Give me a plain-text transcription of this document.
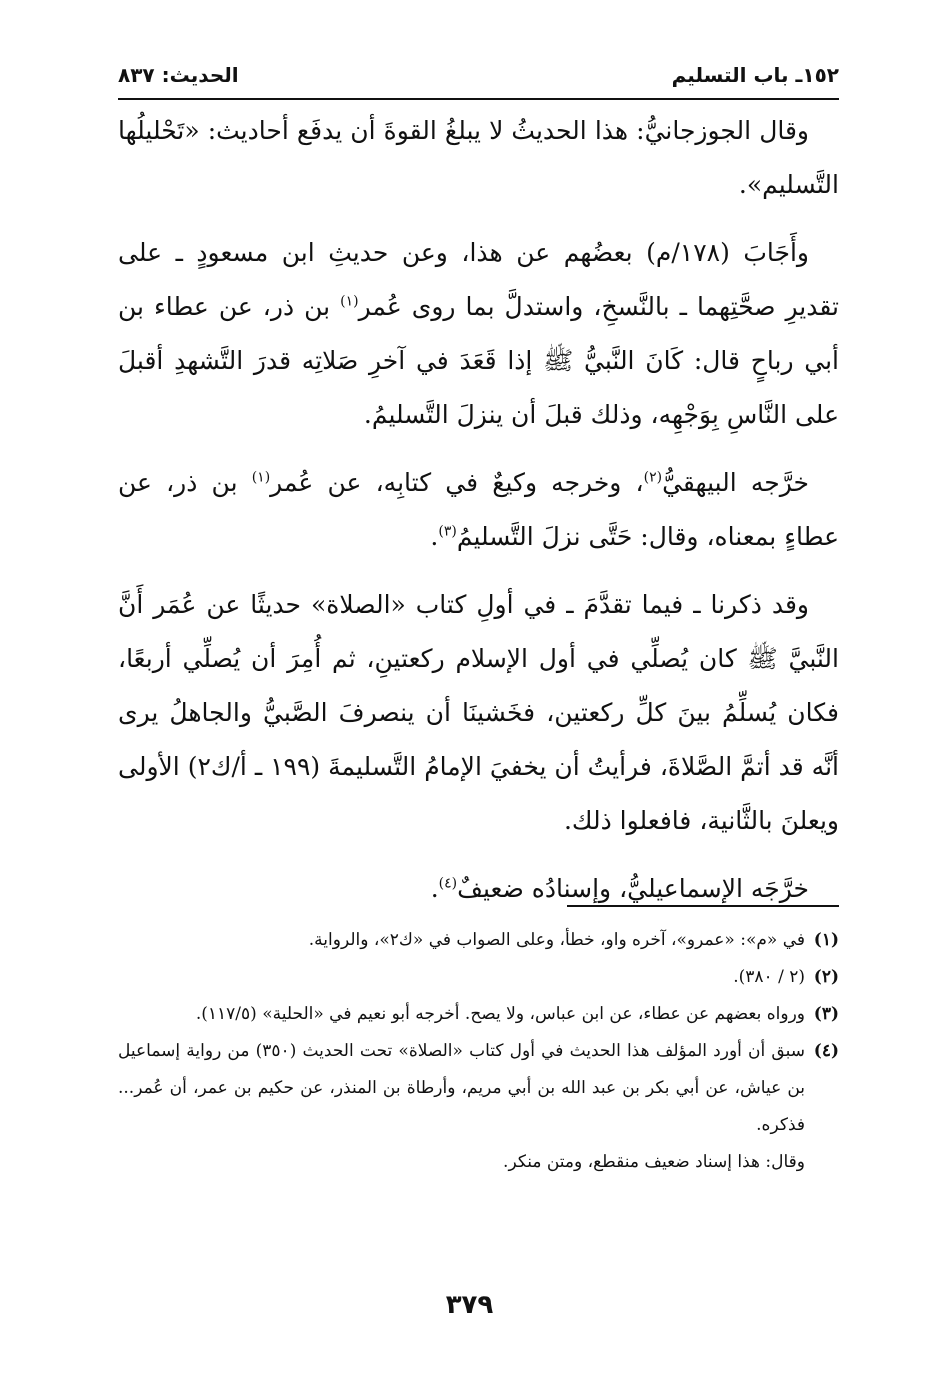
١٥٢ـ باب التسليم
الحديث: ٨٣٧

وقال الجوزجانيُّ: هذا الحديثُ لا يبلغُ القوةَ أن يدفَع أحاديث: «تَحْليلُها التَّسليم».

وأَجَابَ (١٧٨/م) بعضُهم عن هذا، وعن حديثِ ابن مسعودٍ ـ على تقديرِ صحَّتِهما ـ بالنَّسخِ، واستدلَّ بما روى عُمر$^{(١)}$ بن ذر، عن عطاء بن أبي رباحٍ قال: كَانَ النَّبيُّ ﷺ إذا قَعَدَ في آخرِ صَلاتِه قدرَ التَّشهدِ أقبلَ على النَّاسِ بِوَجْهِه، وذلك قبلَ أن ينزلَ التَّسليمُ.

خرَّجه البيهقيُّ$^{(٢)}$، وخرجه وكيعٌ في كتابِه، عن عُمر$^{(١)}$ بن ذر، عن عطاءٍ بمعناه، وقال: حَتَّى نزلَ التَّسليمُ$^{(٣)}$.

وقد ذكرنا ـ فيما تقدَّمَ ـ في أولِ كتاب «الصلاة» حديثًا عن عُمَر أَنَّ النَّبيَّ ﷺ كان يُصلِّي في أول الإسلام ركعتينِ، ثم أُمِرَ أن يُصلِّي أربعًا، فكان يُسلِّمُ بينَ كلِّ ركعتين، فخَشينَا أن ينصرفَ الصَّبيُّ والجاهلُ يرى أنَّه قد أتمَّ الصَّلاةَ، فرأيتُ أن يخفيَ الإمامُ التَّسليمةَ (١٩٩ ـ أ/ك٢) الأولى ويعلنَ بالثَّانية، فافعلوا ذلك.

خرَّجَه الإسماعيليُّ، وإسنادُه ضعيفٌ$^{(٤)}$.

(١)
في «م»: «عمرو»، آخره واو، خطأ، وعلى الصواب في «ك٢»، والرواية.
(٢)
(٢ / ٣٨٠).
(٣)
ورواه بعضهم عن عطاء، عن ابن عباس، ولا يصح. أخرجه أبو نعيم في «الحلية» (١١٧/٥).
(٤)
سبق أن أورد المؤلف هذا الحديث في أول كتاب «الصلاة» تحت الحديث (٣٥٠) من رواية إسماعيل بن عياش، عن أبي بكر بن عبد الله بن أبي مريم، وأرطاة بن المنذر، عن حكيم بن عمر، أن عُمر... فذكره.
وقال: هذا إسناد ضعيف منقطع، ومتن منكر.
٣٧٩
